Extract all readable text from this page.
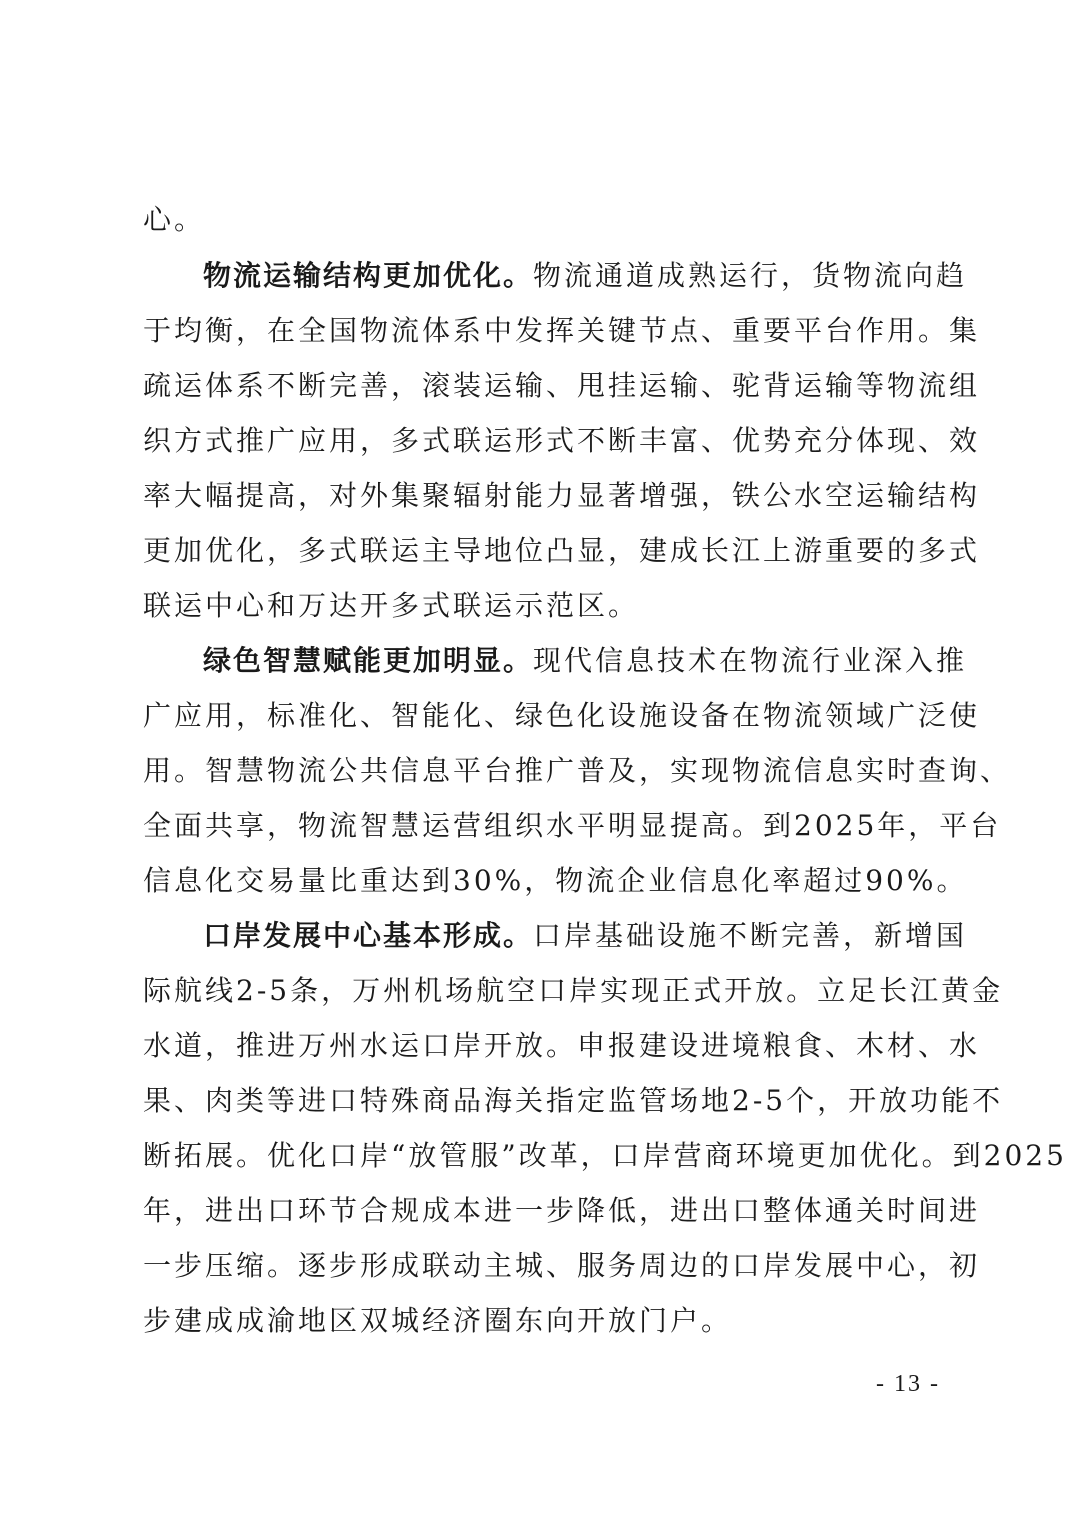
心。
物流运输结构更加优化。物流通道成熟运行，货物流向趋
于均衡，在全国物流体系中发挥关键节点、重要平台作用。集
疏运体系不断完善，滚装运输、甩挂运输、驼背运输等物流组
织方式推广应用，多式联运形式不断丰富、优势充分体现、效
率大幅提高，对外集聚辐射能力显著增强，铁公水空运输结构
更加优化，多式联运主导地位凸显，建成长江上游重要的多式
联运中心和万达开多式联运示范区。
绿色智慧赋能更加明显。现代信息技术在物流行业深入推
广应用，标准化、智能化、绿色化设施设备在物流领域广泛使
用。智慧物流公共信息平台推广普及，实现物流信息实时查询、
全面共享，物流智慧运营组织水平明显提高。到2025年，平台
信息化交易量比重达到30%，物流企业信息化率超过90%。
口岸发展中心基本形成。口岸基础设施不断完善，新增国
际航线2-5条，万州机场航空口岸实现正式开放。立足长江黄金
水道，推进万州水运口岸开放。申报建设进境粮食、木材、水
果、肉类等进口特殊商品海关指定监管场地2-5个，开放功能不
断拓展。优化口岸“放管服”改革，口岸营商环境更加优化。到2025
年，进出口环节合规成本进一步降低，进出口整体通关时间进
一步压缩。逐步形成联动主城、服务周边的口岸发展中心，初
步建成成渝地区双城经济圈东向开放门户。
- 13 -
